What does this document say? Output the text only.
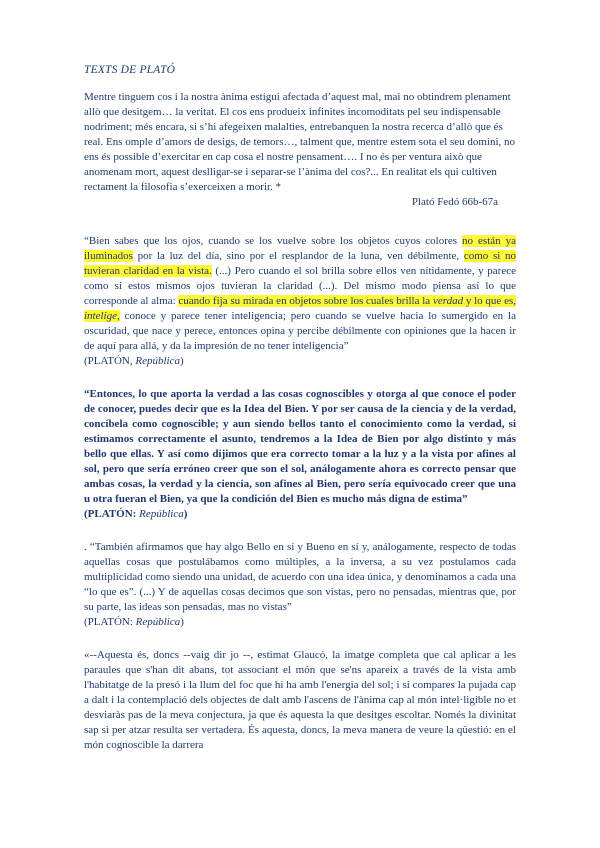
TEXTS DE PLATÓ

Mentre tinguem cos i la nostra ànima estigui afectada d’aquest mal, mai no obtindrem plenament allò que desitgem… la veritat. El cos ens produeix infinites incomoditats pel seu indispensable nodriment; més encara, si s’hi afegeixen malalties, entrebanquen la nostra recerca d’allò que és real. Ens omple d’amors de desigs, de temors…, talment que, mentre estem sota el seu domini, no ens és possible d’exercitar en cap cosa el nostre pensament…. I no és per ventura això que anomenam mort, aquest deslligar-se i separar-se l’ànima del cos?... En realitat els qui cultiven rectament la filosofia s’exerceixen a morir. *

Plató Fedó 66b-67a

“Bien sabes que los ojos, cuando se los vuelve sobre los objetos cuyos colores no están ya iluminados por la luz del día, sino por el resplandor de la luna, ven débilmente, como si no tuvieran claridad en la vista. (...) Pero cuando el sol brilla sobre ellos ven nítidamente, y parece como si estos mismos ojos tuvieran la claridad (...). Del mismo modo piensa así lo que corresponde al alma: cuando fija su mirada en objetos sobre los cuales brilla la verdad y lo que es, intelige, conoce y parece tener inteligencia; pero cuando se vuelve hacia lo sumergido en la oscuridad, que nace y perece, entonces opina y percibe débilmente con opiniones que la hacen ir de aquí para allá, y da la impresión de no tener inteligencia”

(PLATÓN, República)

“Entonces, lo que aporta la verdad a las cosas cognoscibles y otorga al que conoce el poder de conocer, puedes decir que es la Idea del Bien. Y por ser causa de la ciencia y de la verdad, concíbela como cognoscible; y aun siendo bellos tanto el conocimiento como la verdad, si estimamos correctamente el asunto, tendremos a la Idea de Bien por algo distinto y más bello que ellas. Y así como dijimos que era correcto tomar a la luz y a la vista por afines al sol, pero que sería erróneo creer que son el sol, análogamente ahora es correcto pensar que ambas cosas, la verdad y la ciencia, son afines al Bien, pero sería equivocado creer que una u otra fueran el Bien, ya que la condición del Bien es mucho más digna de estima”

(PLATÓN: República)

. “También afirmamos que hay algo Bello en sí y Bueno en sí y, análogamente, respecto de todas aquellas cosas que postulábamos como múltiples, a la inversa, a su vez postulamos cada multiplicidad como siendo una unidad, de acuerdo con una idea única, y denominamos a cada una “lo que es”. (...) Y de aquellas cosas decimos que son vistas, pero no pensadas, mientras que, por su parte, las ideas son pensadas, mas no vistas”

(PLATÓN: República)

«--Aquesta és, doncs --vaig dir jo --, estimat Glaucó, la imatge completa que cal aplicar a les paraules que s'han dit abans, tot associant el món que se'ns apareix a través de la vista amb l'habitatge de la presó i la llum del foc que hi ha amb l'energia del sol; i si compares la pujada cap a dalt i la contemplació dels objectes de dalt amb l'ascens de l'ànima cap al món intel·ligible no et desviaràs pas de la meva conjectura, ja que és aquesta la que desitges escoltar. Només la divinitat sap si per atzar resulta ser vertadera. És aquesta, doncs, la meva manera de veure la qüestió: en el món cognoscible la darrera
